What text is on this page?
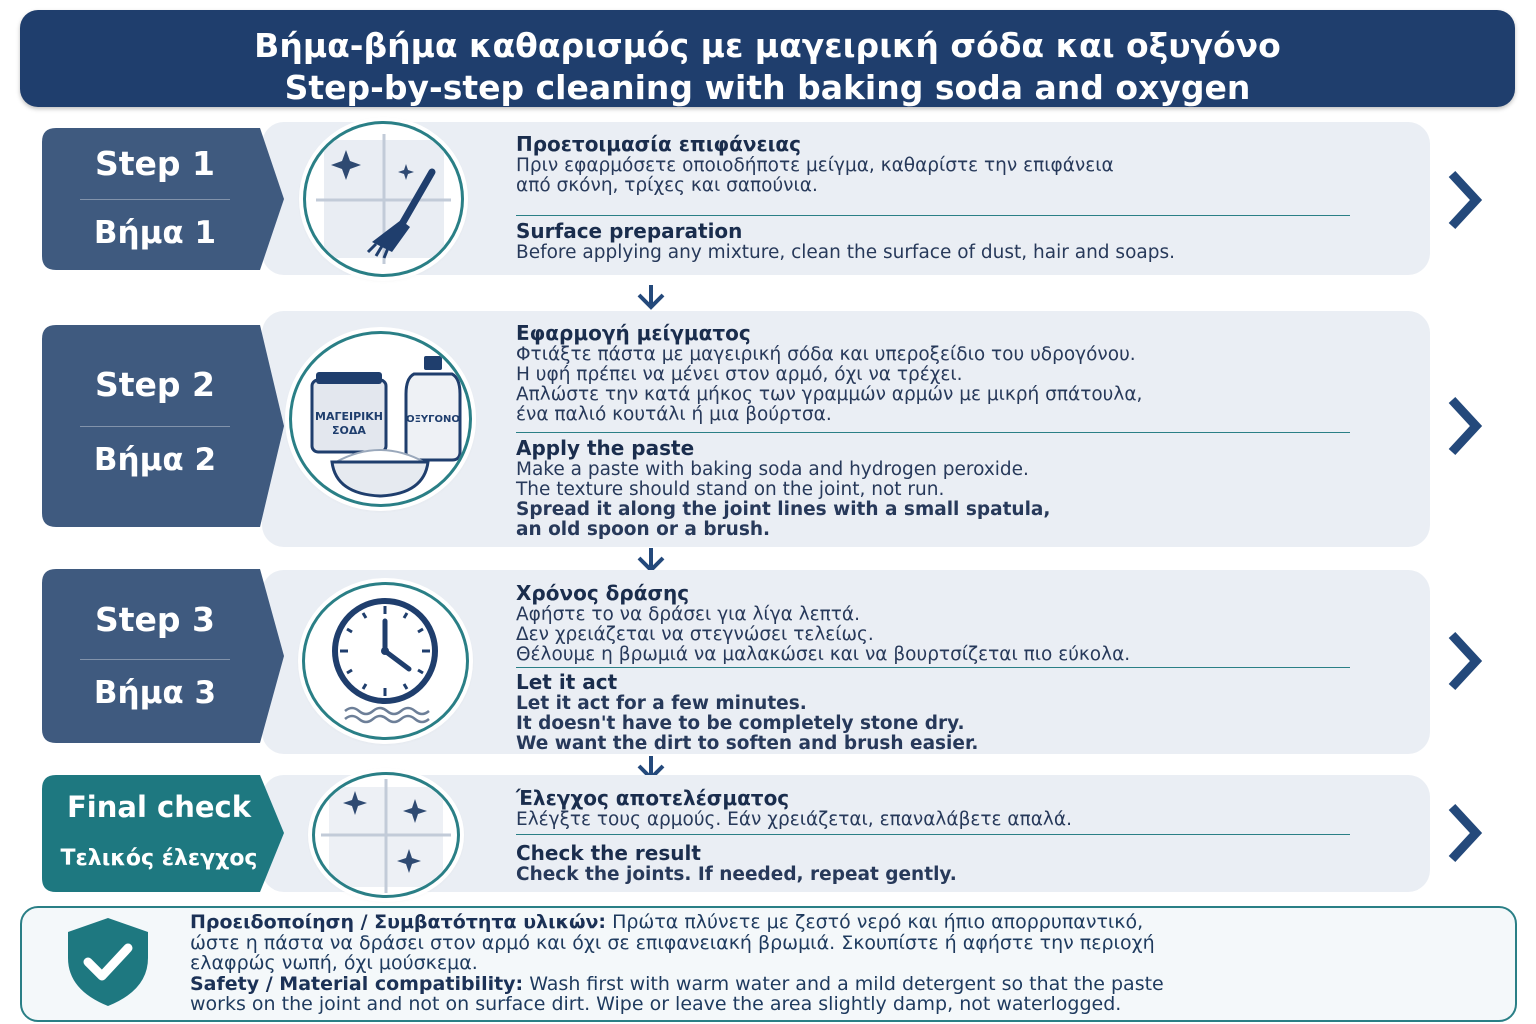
Βήμα-βήμα καθαρισμός με μαγειρική σόδα και οξυγόνο
Step-by-step cleaning with baking soda and oxygen
Step 1
Βήμα 1
Προετοιμασία επιφάνειας
Πριν εφαρμόσετε οποιοδήποτε μείγμα, καθαρίστε την επιφάνεια
από σκόνη, τρίχες και σαπούνια.
Surface preparation
Before applying any mixture, clean the surface of dust, hair and soaps.
Step 2
Βήμα 2
ΜΑΓΕΙΡΙΚΗ
ΣΟΔΑ
ΟΞΥΓΟΝΟ
Εφαρμογή μείγματος
Φτιάξτε πάστα με μαγειρική σόδα και υπεροξείδιο του υδρογόνου.
Η υφή πρέπει να μένει στον αρμό, όχι να τρέχει.
Απλώστε την κατά μήκος των γραμμών αρμών με μικρή σπάτουλα,
ένα παλιό κουτάλι ή μια βούρτσα.
Apply the paste
Make a paste with baking soda and hydrogen peroxide.
The texture should stand on the joint, not run.
Spread it along the joint lines with a small spatula,
an old spoon or a brush.
Step 3
Βήμα 3
Χρόνος δράσης
Αφήστε το να δράσει για λίγα λεπτά.
Δεν χρειάζεται να στεγνώσει τελείως.
Θέλουμε η βρωμιά να μαλακώσει και να βουρτσίζεται πιο εύκολα.
Let it act
Let it act for a few minutes.
It doesn't have to be completely stone dry.
We want the dirt to soften and brush easier.
Final check
Τελικός έλεγχος
Έλεγχος αποτελέσματος
Ελέγξτε τους αρμούς. Εάν χρειάζεται, επαναλάβετε απαλά.
Check the result
Check the joints. If needed, repeat gently.
Προειδοποίηση / Συμβατότητα υλικών: Πρώτα πλύνετε με ζεστό νερό και ήπιο απορρυπαντικό,
ώστε η πάστα να δράσει στον αρμό και όχι σε επιφανειακή βρωμιά. Σκουπίστε ή αφήστε την περιοχή
ελαφρώς νωπή, όχι μούσκεμα.
Safety / Material compatibility: Wash first with warm water and a mild detergent so that the paste
works on the joint and not on surface dirt. Wipe or leave the area slightly damp, not waterlogged.
